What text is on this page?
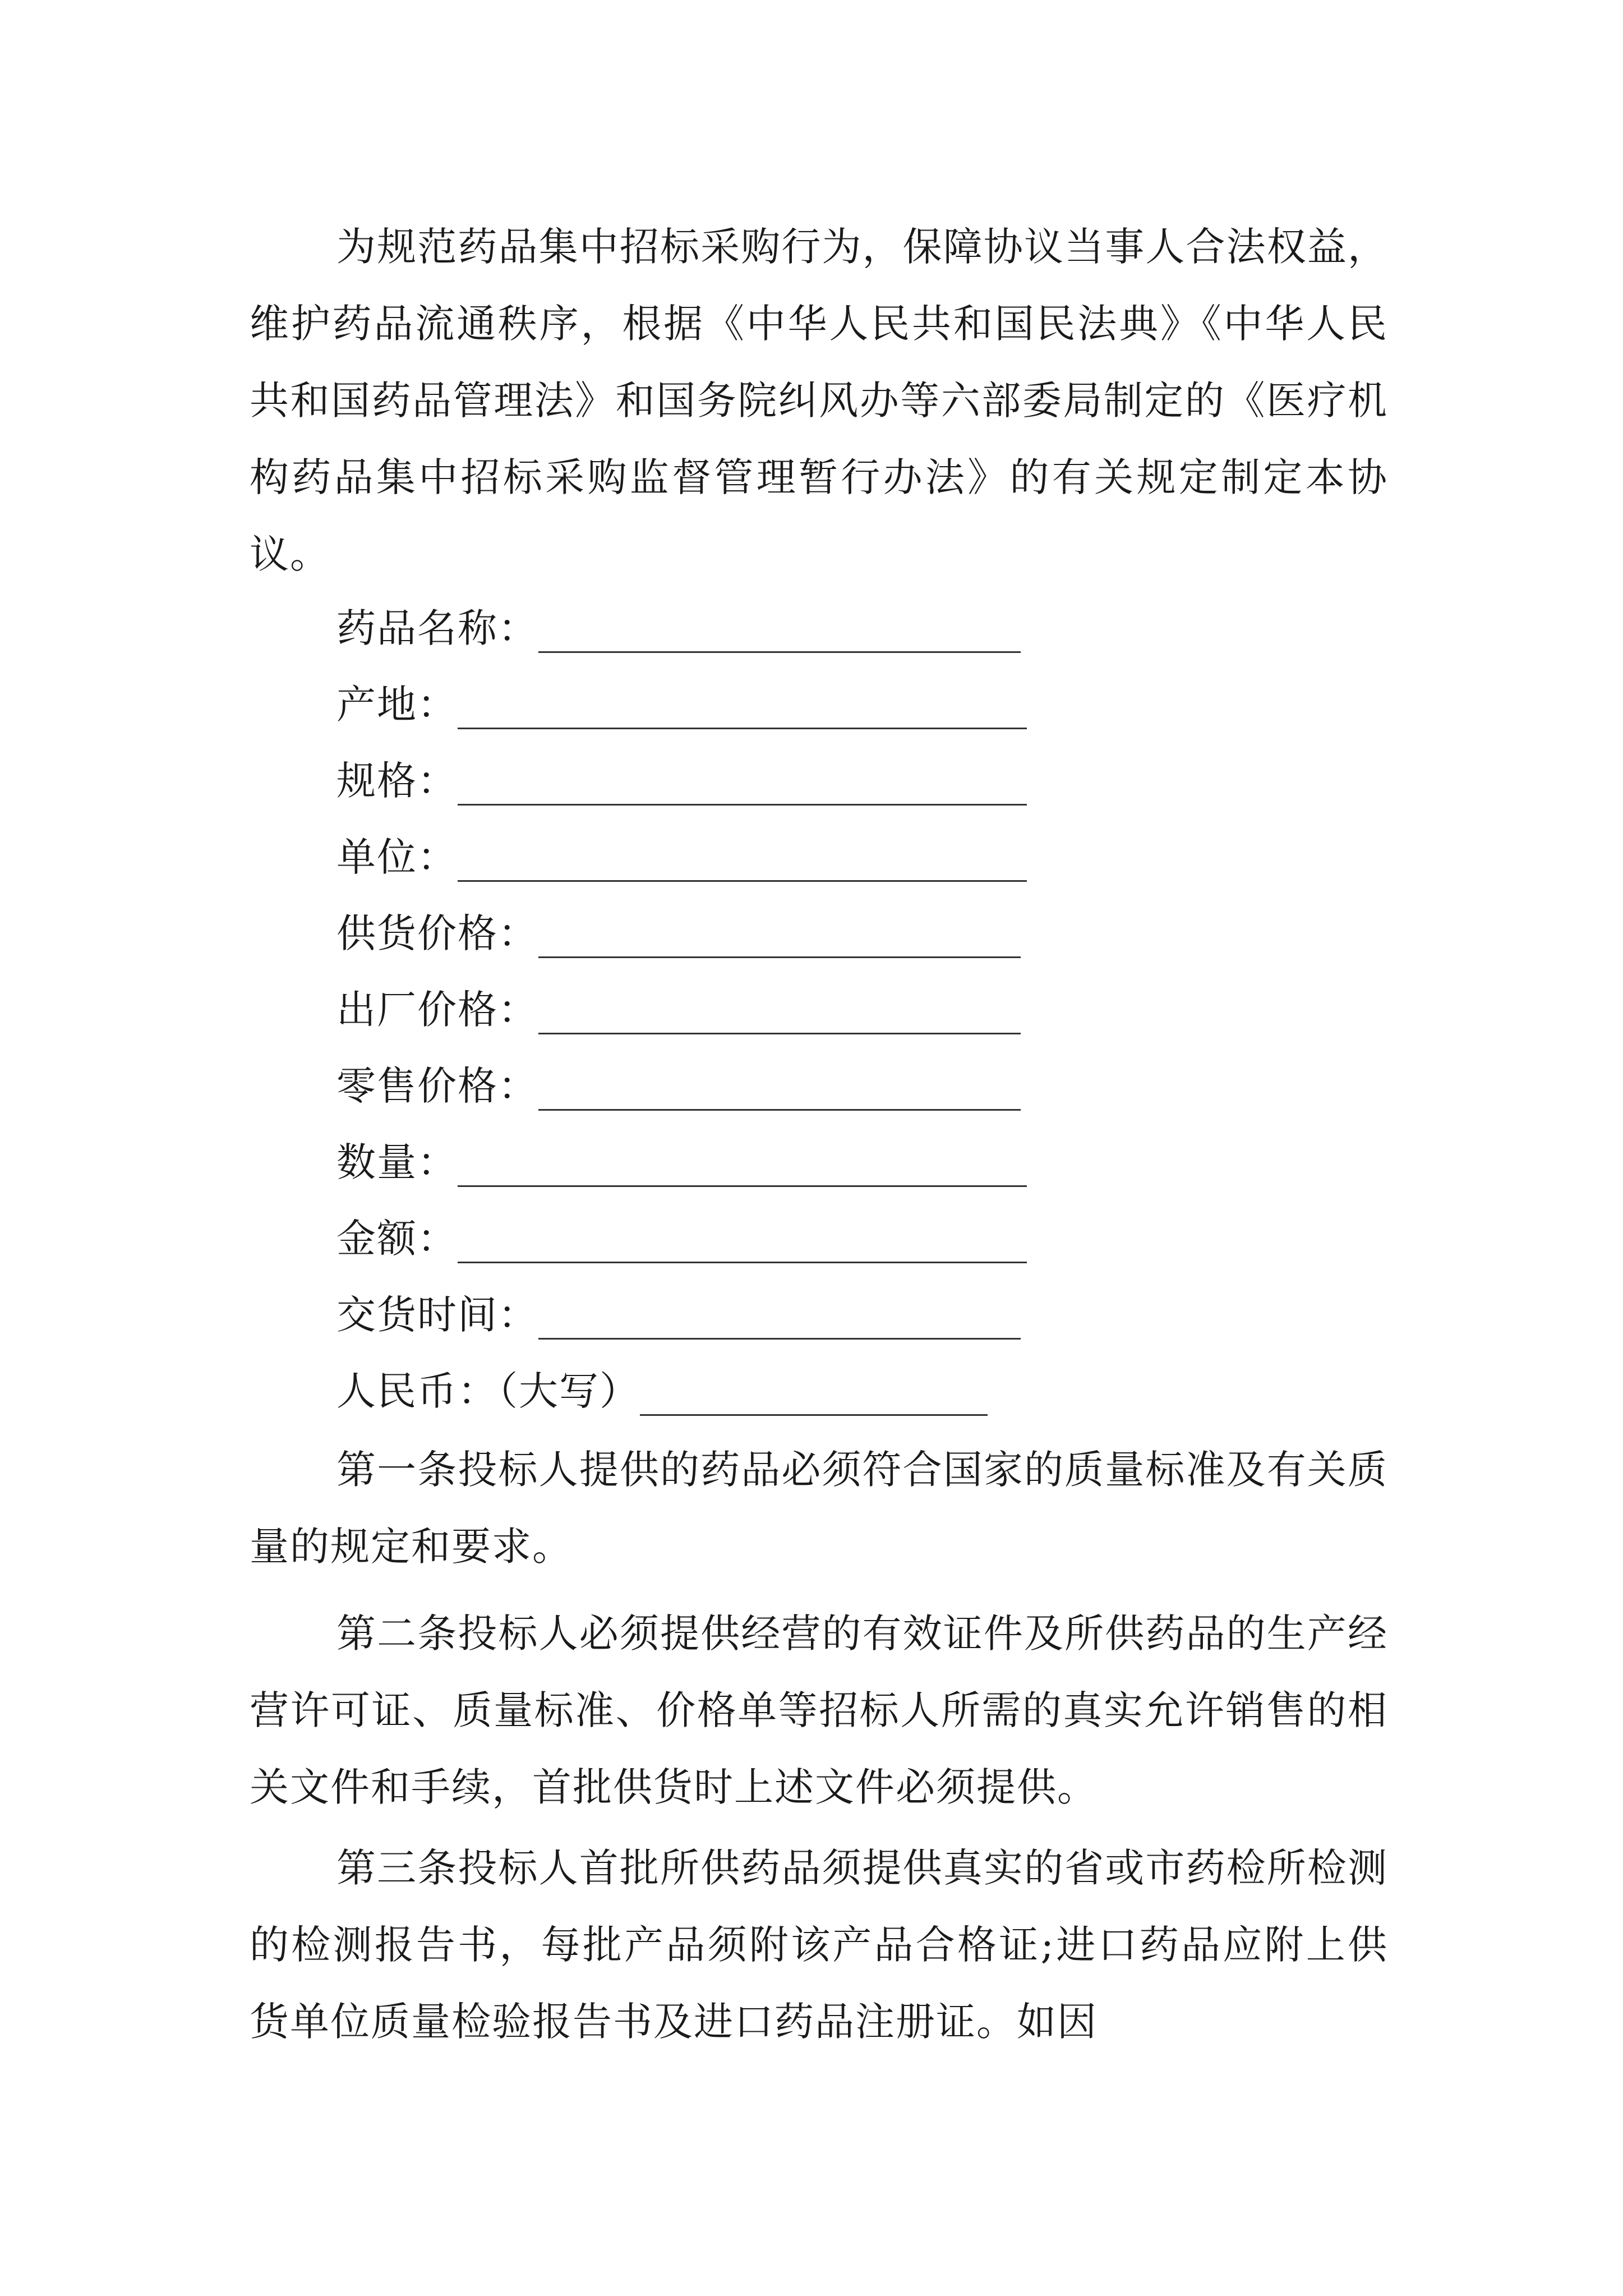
为规范药品集中招标采购行为，保障协议当事人合法权益，维护药品流通秩序，根据《中华人民共和国民法典》《中华人民共和国药品管理法》和国务院纠风办等六部委局制定的《医疗机构药品集中招标采购监督管理暂行办法》的有关规定制定本协议。

药品名称：
产地：
规格：
单位：
供货价格：
出厂价格：
零售价格：
数量：
金额：
交货时间：
人民币：（大写）

第一条投标人提供的药品必须符合国家的质量标准及有关质量的规定和要求。

第二条投标人必须提供经营的有效证件及所供药品的生产经营许可证、质量标准、价格单等招标人所需的真实允许销售的相关文件和手续，首批供货时上述文件必须提供。

第三条投标人首批所供药品须提供真实的省或市药检所检测的检测报告书，每批产品须附该产品合格证;进口药品应附上供货单位质量检验报告书及进口药品注册证。如因
